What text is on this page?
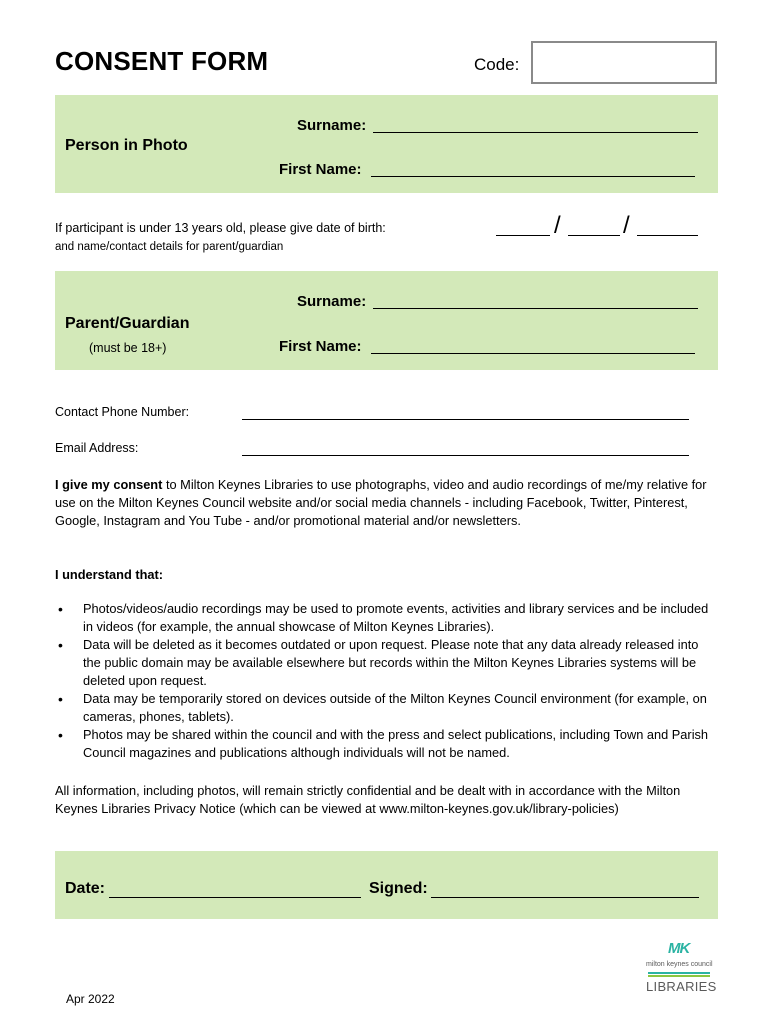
CONSENT FORM	Code:
Person in Photo
Surname:
First Name:
If participant is under 13 years old, please give date of birth:
and name/contact details for parent/guardian
/	/
Parent/Guardian
(must be 18+)
Surname:
First Name:
Contact Phone Number:
Email Address:
I give my consent to Milton Keynes Libraries to use photographs, video and audio recordings of me/my relative for use on the Milton Keynes Council website and/or social media channels - including Facebook, Twitter, Pinterest, Google, Instagram and You Tube - and/or promotional material and/or newsletters.
I understand that:
• Photos/videos/audio recordings may be used to promote events, activities and library services and be included in videos (for example, the annual showcase of Milton Keynes Libraries).
• Data will be deleted as it becomes outdated or upon request. Please note that any data already released into the public domain may be available elsewhere but records within the Milton Keynes Libraries systems will be deleted upon request.
• Data may be temporarily stored on devices outside of the Milton Keynes Council environment (for example, on cameras, phones, tablets).
• Photos may be shared within the council and with the press and select publications, including Town and Parish Council magazines and publications although individuals will not be named.
All information, including photos, will remain strictly confidential and be dealt with in accordance with the Milton Keynes Libraries Privacy Notice (which can be viewed at www.milton-keynes.gov.uk/library-policies)
Date:	Signed:
MK
milton keynes council
LIBRARIES
Apr 2022
